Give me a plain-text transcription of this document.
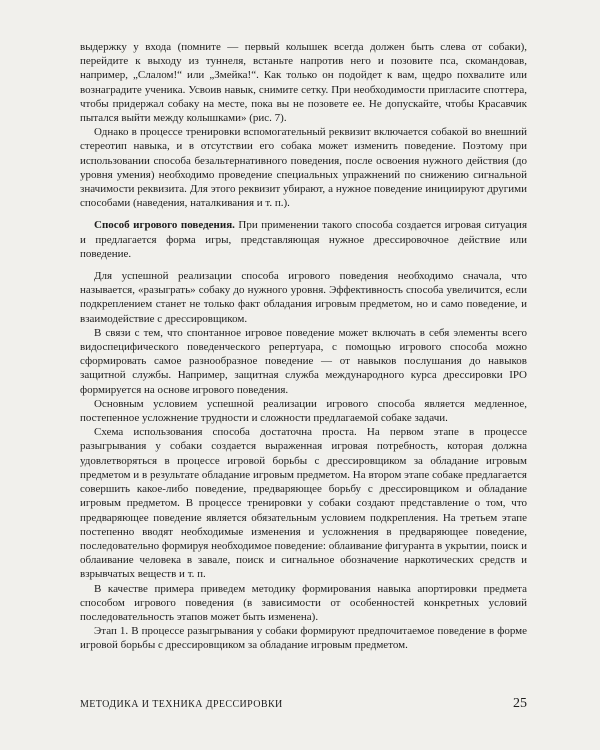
выдержку у входа (помните — первый колышек всегда должен быть слева от собаки), перейдите к выходу из туннеля, встаньте напротив него и позовите пса, скомандовав, например, „Слалом!“ или „Змейка!“. Как только он подойдет к вам, щедро похвалите или вознаградите ученика. Усвоив навык, снимите сетку. При необходимости пригласите споттера, чтобы придержал собаку на месте, пока вы не позовете ее. Не допускайте, чтобы Красавчик пытался выйти между колышками» (рис. 7).

Однако в процессе тренировки вспомогательный реквизит включается собакой во внешний стереотип навыка, и в отсутствии его собака может изменить поведение. Поэтому при использовании способа безальтернативного поведения, после освоения нужного действия (до уровня умения) необходимо проведение специальных упражнений по снижению сигнальной значимости реквизита. Для этого реквизит убирают, а нужное поведение инициируют другими способами (наведения, наталкивания и т. п.).

Способ игрового поведения. При применении такого способа создается игровая ситуация и предлагается форма игры, представляющая нужное дрессировочное действие или поведение.

Для успешной реализации способа игрового поведения необходимо сначала, что называется, «разыграть» собаку до нужного уровня. Эффективность способа увеличится, если подкреплением станет не только факт обладания игровым предметом, но и само поведение, и взаимодействие с дрессировщиком.

В связи с тем, что спонтанное игровое поведение может включать в себя элементы всего видоспецифического поведенческого репертуара, с помощью игрового способа можно сформировать самое разнообразное поведение — от навыков послушания до навыков защитной службы. Например, защитная служба международного курса дрессировки IPO формируется на основе игрового поведения.

Основным условием успешной реализации игрового способа является медленное, постепенное усложнение трудности и сложности предлагаемой собаке задачи.

Схема использования способа достаточна проста. На первом этапе в процессе разыгрывания у собаки создается выраженная игровая потребность, которая должна удовлетворяться в процессе игровой борьбы с дрессировщиком за обладание игровым предметом и в результате обладание игровым предметом. На втором этапе собаке предлагается совершить какое-либо поведение, предваряющее борьбу с дрессировщиком и обладание игровым предметом. В процессе тренировки у собаки создают представление о том, что предваряющее поведение является обязательным условием подкрепления. На третьем этапе постепенно вводят необходимые изменения и усложнения в предваряющее поведение, последовательно формируя необходимое поведение: облаивание фигуранта в укрытии, поиск и облаивание человека в завале, поиск и сигнальное обозначение наркотических средств и взрывчатых веществ и т. п.

В качестве примера приведем методику формирования навыка апортировки предмета способом игрового поведения (в зависимости от особенностей конкретных условий последовательность этапов может быть изменена).

Этап 1. В процессе разыгрывания у собаки формируют предпочитаемое поведение в форме игровой борьбы с дрессировщиком за обладание игровым предметом.

МЕТОДИКА И ТЕХНИКА ДРЕССИРОВКИ	25
